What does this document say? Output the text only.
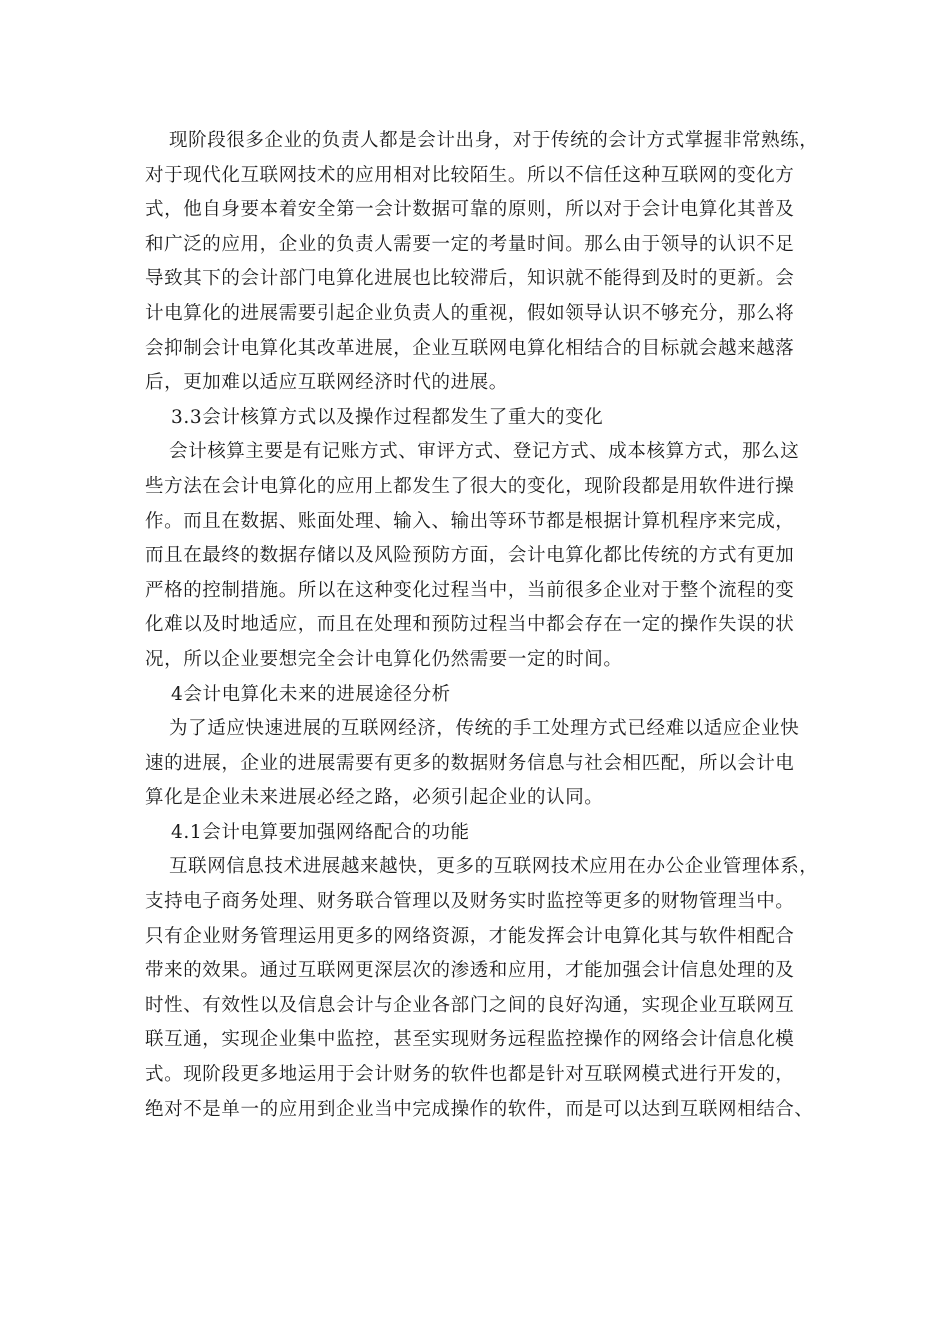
现阶段很多企业的负责人都是会计出身，对于传统的会计方式掌握非常熟练，
对于现代化互联网技术的应用相对比较陌生。所以不信任这种互联网的变化方
式，他自身要本着安全第一会计数据可靠的原则，所以对于会计电算化其普及
和广泛的应用，企业的负责人需要一定的考量时间。那么由于领导的认识不足
导致其下的会计部门电算化进展也比较滞后，知识就不能得到及时的更新。会
计电算化的进展需要引起企业负责人的重视，假如领导认识不够充分，那么将
会抑制会计电算化其改革进展，企业互联网电算化相结合的目标就会越来越落
后，更加难以适应互联网经济时代的进展。
3.3会计核算方式以及操作过程都发生了重大的变化
会计核算主要是有记账方式、审评方式、登记方式、成本核算方式，那么这
些方法在会计电算化的应用上都发生了很大的变化，现阶段都是用软件进行操
作。而且在数据、账面处理、输入、输出等环节都是根据计算机程序来完成，
而且在最终的数据存储以及风险预防方面，会计电算化都比传统的方式有更加
严格的控制措施。所以在这种变化过程当中，当前很多企业对于整个流程的变
化难以及时地适应，而且在处理和预防过程当中都会存在一定的操作失误的状
况，所以企业要想完全会计电算化仍然需要一定的时间。
4会计电算化未来的进展途径分析
为了适应快速进展的互联网经济，传统的手工处理方式已经难以适应企业快
速的进展，企业的进展需要有更多的数据财务信息与社会相匹配，所以会计电
算化是企业未来进展必经之路，必须引起企业的认同。
4.1会计电算要加强网络配合的功能
互联网信息技术进展越来越快，更多的互联网技术应用在办公企业管理体系，
支持电子商务处理、财务联合管理以及财务实时监控等更多的财物管理当中。
只有企业财务管理运用更多的网络资源，才能发挥会计电算化其与软件相配合
带来的效果。通过互联网更深层次的渗透和应用，才能加强会计信息处理的及
时性、有效性以及信息会计与企业各部门之间的良好沟通，实现企业互联网互
联互通，实现企业集中监控，甚至实现财务远程监控操作的网络会计信息化模
式。现阶段更多地运用于会计财务的软件也都是针对互联网模式进行开发的，
绝对不是单一的应用到企业当中完成操作的软件，而是可以达到互联网相结合、
